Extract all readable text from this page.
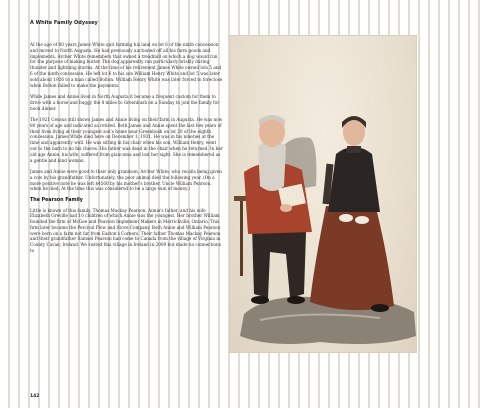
A White Family Odyssey

At the age of 80 years James White quit farming his land on lot 6 of the ninth concession and moved to North Augusta. He had previously auctioned off all his farm goods and implements. Archer White remembers that owned a treadmill on which a dog would run for the purpose of making butter. The dog apparently ran particularly briskly during thunder and lightning storms. At the time of his retirement James White owned lots 5 and 6 of the ninth concession. He left lot 6 to his son William Henry White and lot 5 was later sold about 1926 to a man called Bolton. William Henry White was later forced to foreclose when Bolton failed to make the payments.

While James and Annie lived in North Augusta it became a frequent custom for them to drive with a horse and buggy the 8 miles to Greenbush on a Sunday to join the family for noon dinner.

The 1921 Census still shows James and Annie living on their farm in Augusta. He was now 80 years of age and indicated as retired. Both James and Annie spent the last few years of their lives living at their youngest son's home near Greenbush on lot 20 of the eighth concession. James White died here on December 1, 1931. He was in his nineties at the time and apparently well. He was sitting in his chair when his son, William Henry, went out to the barn to do his chores. His father was dead in the chair when he returned. In her old age Annie, his wife, suffered from glaucoma and lost her sight. She is remembered as a gentle and kind woman.

James and Annie were good to their only grandson, Archer White, who recalls being given a cow by his grandfather. Unfortunately, the poor animal died the following year. (On a more positive note he was left $4500 by his mother's brother, Uncle William Pearson, when he died. At the time this was considered to be a large sum of money.)

The Pearson Family

Little is known of this family. Thomas Mackay Pearson, Annie's father, and his wife Elizabeth Greville had 10 children of which Annie was the youngest. Her brother William founded the firm of McGee and Pearson Implement Makers in Merrickville, Ontario. This firm later became the Percival Plow and Stove Company. Both Annie and William Pearson were born on a farm not far from Easton's Corners. Their father Thomas Mackay Pearson and their grandfather Samuel Pearson had come to Canada from the village of Virginia in County Cavan, Ireland. We visited this village in Ireland in 2009 but made no connections to

142
